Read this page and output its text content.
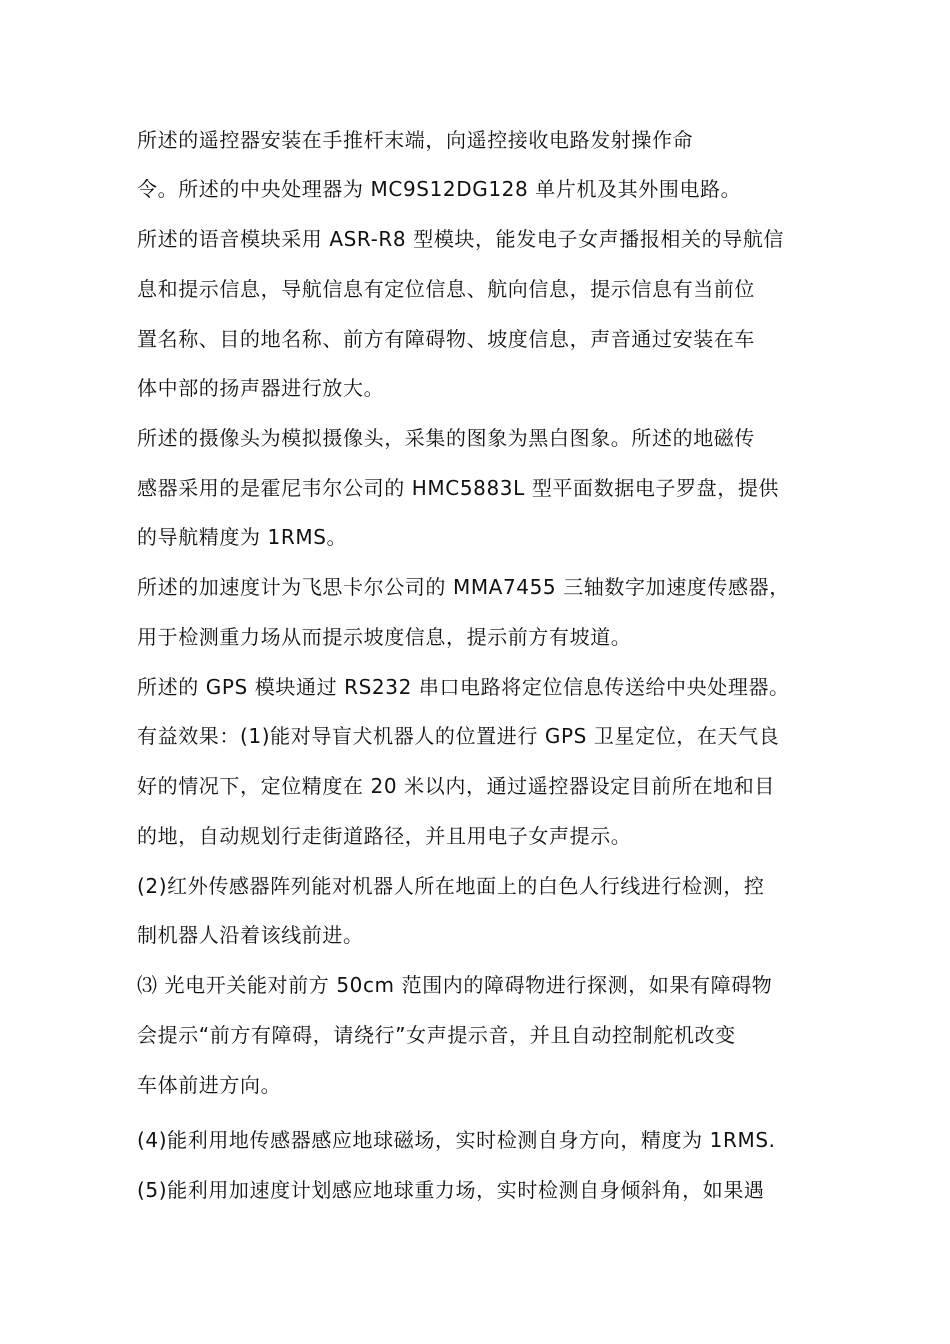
所述的遥控器安装在手推杆末端，向遥控接收电路发射操作命
令。所述的中央处理器为 MC9S12DG128 单片机及其外围电路。
所述的语音模块采用 ASR-R8 型模块，能发电子女声播报相关的导航信
息和提示信息，导航信息有定位信息、航向信息，提示信息有当前位
置名称、目的地名称、前方有障碍物、坡度信息，声音通过安装在车
体中部的扬声器进行放大。
所述的摄像头为模拟摄像头，采集的图象为黑白图象。所述的地磁传
感器采用的是霍尼韦尔公司的 HMC5883L 型平面数据电子罗盘，提供
的导航精度为 1RMS。
所述的加速度计为飞思卡尔公司的 MMA7455 三轴数字加速度传感器，
用于检测重力场从而提示坡度信息，提示前方有坡道。
所述的 GPS 模块通过 RS232 串口电路将定位信息传送给中央处理器。
有益效果：(1)能对导盲犬机器人的位置进行 GPS 卫星定位，在天气良
好的情况下，定位精度在 20 米以内，通过遥控器设定目前所在地和目
的地，自动规划行走街道路径，并且用电子女声提示。
(2)红外传感器阵列能对机器人所在地面上的白色人行线进行检测，控
制机器人沿着该线前进。
⑶ 光电开关能对前方 50cm 范围内的障碍物进行探测，如果有障碍物
会提示“前方有障碍，请绕行”女声提示音，并且自动控制舵机改变
车体前进方向。
(4)能利用地传感器感应地球磁场，实时检测自身方向，精度为 1RMS.
(5)能利用加速度计划感应地球重力场，实时检测自身倾斜角，如果遇
